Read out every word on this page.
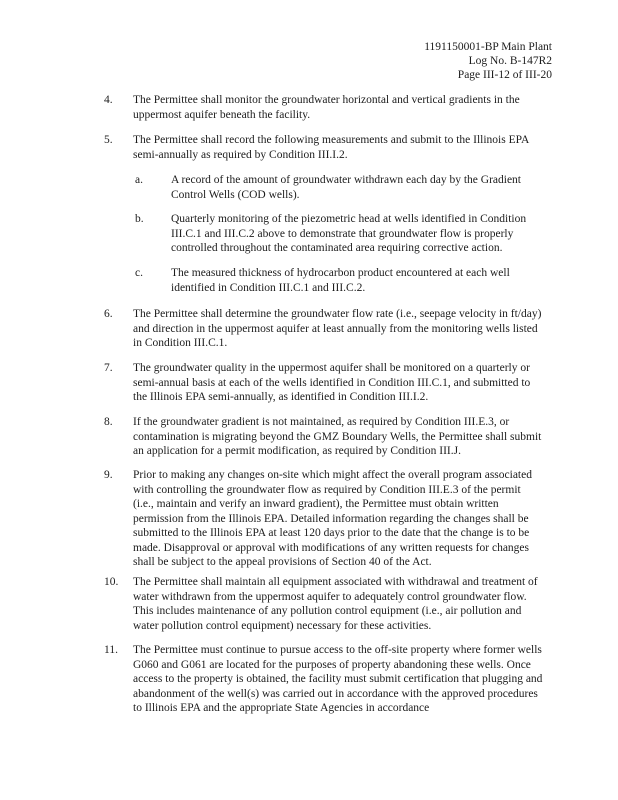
1191150001-BP Main Plant
Log No. B-147R2
Page III-12 of III-20
4. The Permittee shall monitor the groundwater horizontal and vertical gradients in the uppermost aquifer beneath the facility.
5. The Permittee shall record the following measurements and submit to the Illinois EPA semi-annually as required by Condition III.I.2.
a. A record of the amount of groundwater withdrawn each day by the Gradient Control Wells (COD wells).
b. Quarterly monitoring of the piezometric head at wells identified in Condition III.C.1 and III.C.2 above to demonstrate that groundwater flow is properly controlled throughout the contaminated area requiring corrective action.
c. The measured thickness of hydrocarbon product encountered at each well identified in Condition III.C.1 and III.C.2.
6. The Permittee shall determine the groundwater flow rate (i.e., seepage velocity in ft/day) and direction in the uppermost aquifer at least annually from the monitoring wells listed in Condition III.C.1.
7. The groundwater quality in the uppermost aquifer shall be monitored on a quarterly or semi-annual basis at each of the wells identified in Condition III.C.1, and submitted to the Illinois EPA semi-annually, as identified in Condition III.I.2.
8. If the groundwater gradient is not maintained, as required by Condition III.E.3, or contamination is migrating beyond the GMZ Boundary Wells, the Permittee shall submit an application for a permit modification, as required by Condition III.J.
9. Prior to making any changes on-site which might affect the overall program associated with controlling the groundwater flow as required by Condition III.E.3 of the permit (i.e., maintain and verify an inward gradient), the Permittee must obtain written permission from the Illinois EPA. Detailed information regarding the changes shall be submitted to the Illinois EPA at least 120 days prior to the date that the change is to be made. Disapproval or approval with modifications of any written requests for changes shall be subject to the appeal provisions of Section 40 of the Act.
10. The Permittee shall maintain all equipment associated with withdrawal and treatment of water withdrawn from the uppermost aquifer to adequately control groundwater flow. This includes maintenance of any pollution control equipment (i.e., air pollution and water pollution control equipment) necessary for these activities.
11. The Permittee must continue to pursue access to the off-site property where former wells G060 and G061 are located for the purposes of property abandoning these wells. Once access to the property is obtained, the facility must submit certification that plugging and abandonment of the well(s) was carried out in accordance with the approved procedures to Illinois EPA and the appropriate State Agencies in accordance
